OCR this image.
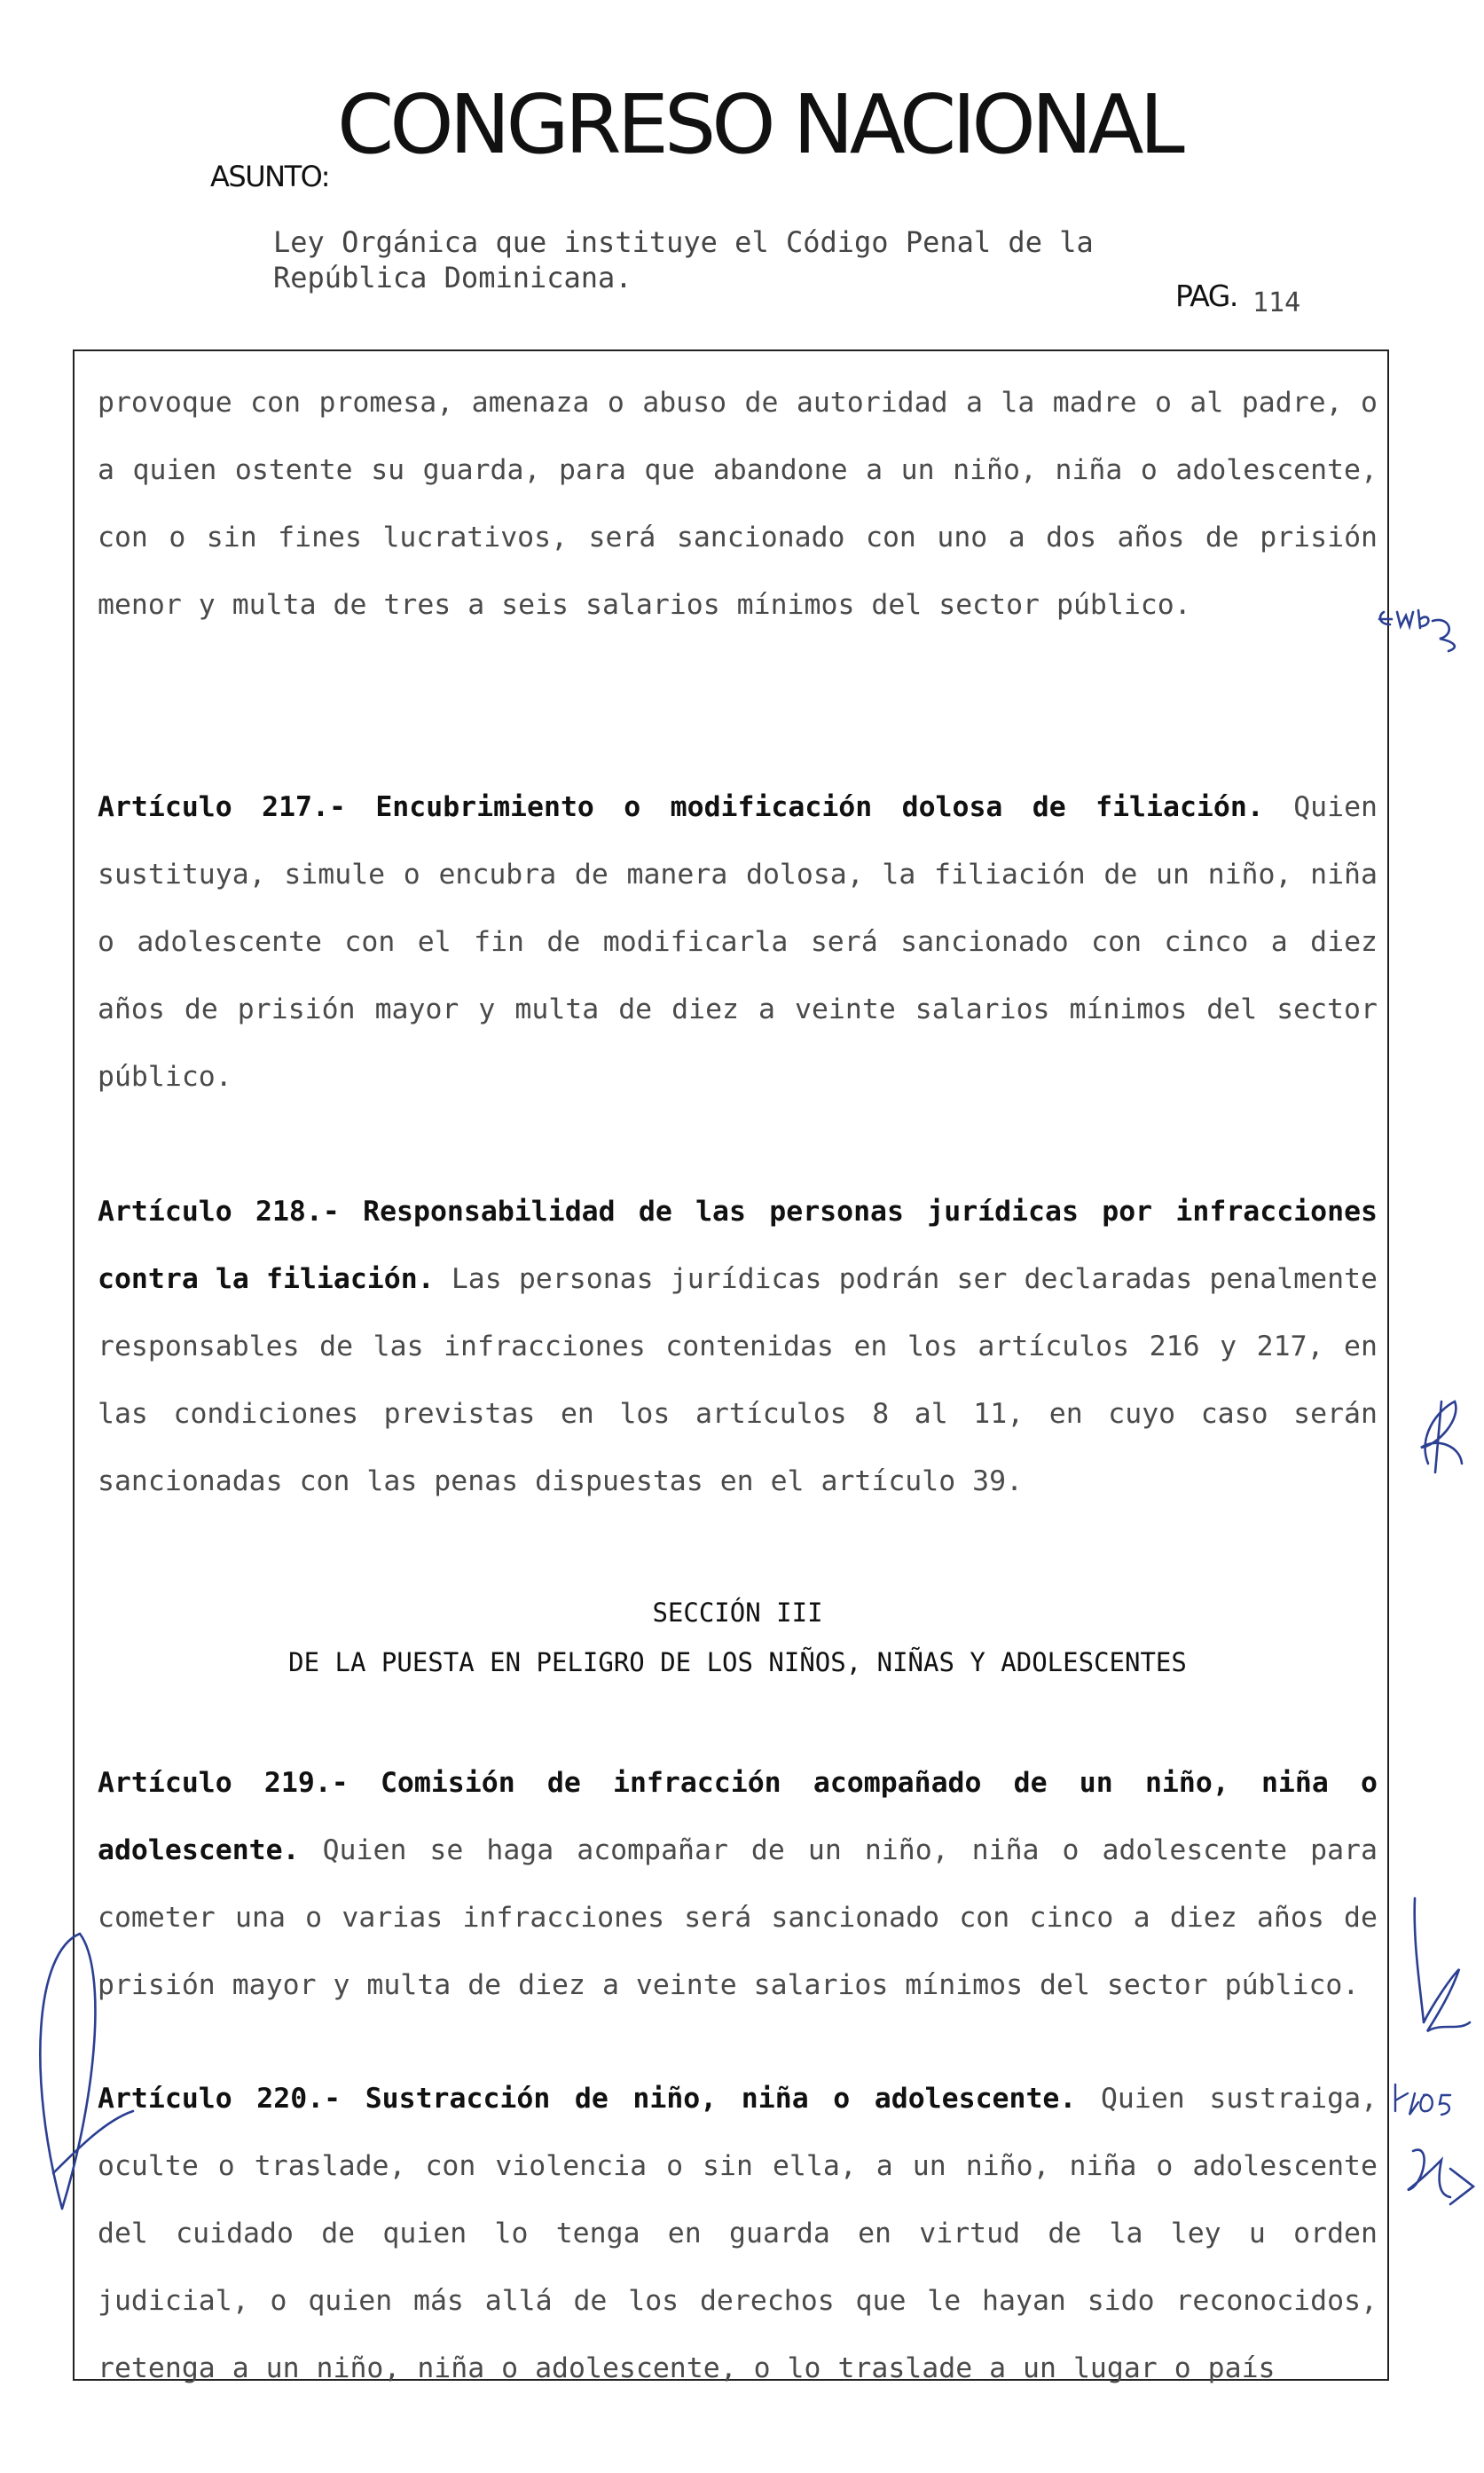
CONGRESO NACIONAL
ASUNTO:
Ley Orgánica que instituye el Código Penal de la
República Dominicana.
PAG. 114

provoque con promesa, amenaza o abuso de autoridad a la madre o al padre, o a quien ostente su guarda, para que abandone a un niño, niña o adolescente, con o sin fines lucrativos, será sancionado con uno a dos años de prisión menor y multa de tres a seis salarios mínimos del sector público.

Artículo 217.- Encubrimiento o modificación dolosa de filiación. Quien sustituya, simule o encubra de manera dolosa, la filiación de un niño, niña o adolescente con el fin de modificarla será sancionado con cinco a diez años de prisión mayor y multa de diez a veinte salarios mínimos del sector público.

Artículo 218.- Responsabilidad de las personas jurídicas por infracciones contra la filiación. Las personas jurídicas podrán ser declaradas penalmente responsables de las infracciones contenidas en los artículos 216 y 217, en las condiciones previstas en los artículos 8 al 11, en cuyo caso serán sancionadas con las penas dispuestas en el artículo 39.

SECCIÓN III
DE LA PUESTA EN PELIGRO DE LOS NIÑOS, NIÑAS Y ADOLESCENTES

Artículo 219.- Comisión de infracción acompañado de un niño, niña o adolescente. Quien se haga acompañar de un niño, niña o adolescente para cometer una o varias infracciones será sancionado con cinco a diez años de prisión mayor y multa de diez a veinte salarios mínimos del sector público.

Artículo 220.- Sustracción de niño, niña o adolescente. Quien sustraiga, oculte o traslade, con violencia o sin ella, a un niño, niña o adolescente del cuidado de quien lo tenga en guarda en virtud de la ley u orden judicial, o quien más allá de los derechos que le hayan sido reconocidos, retenga a un niño, niña o adolescente, o lo traslade a un lugar o país
